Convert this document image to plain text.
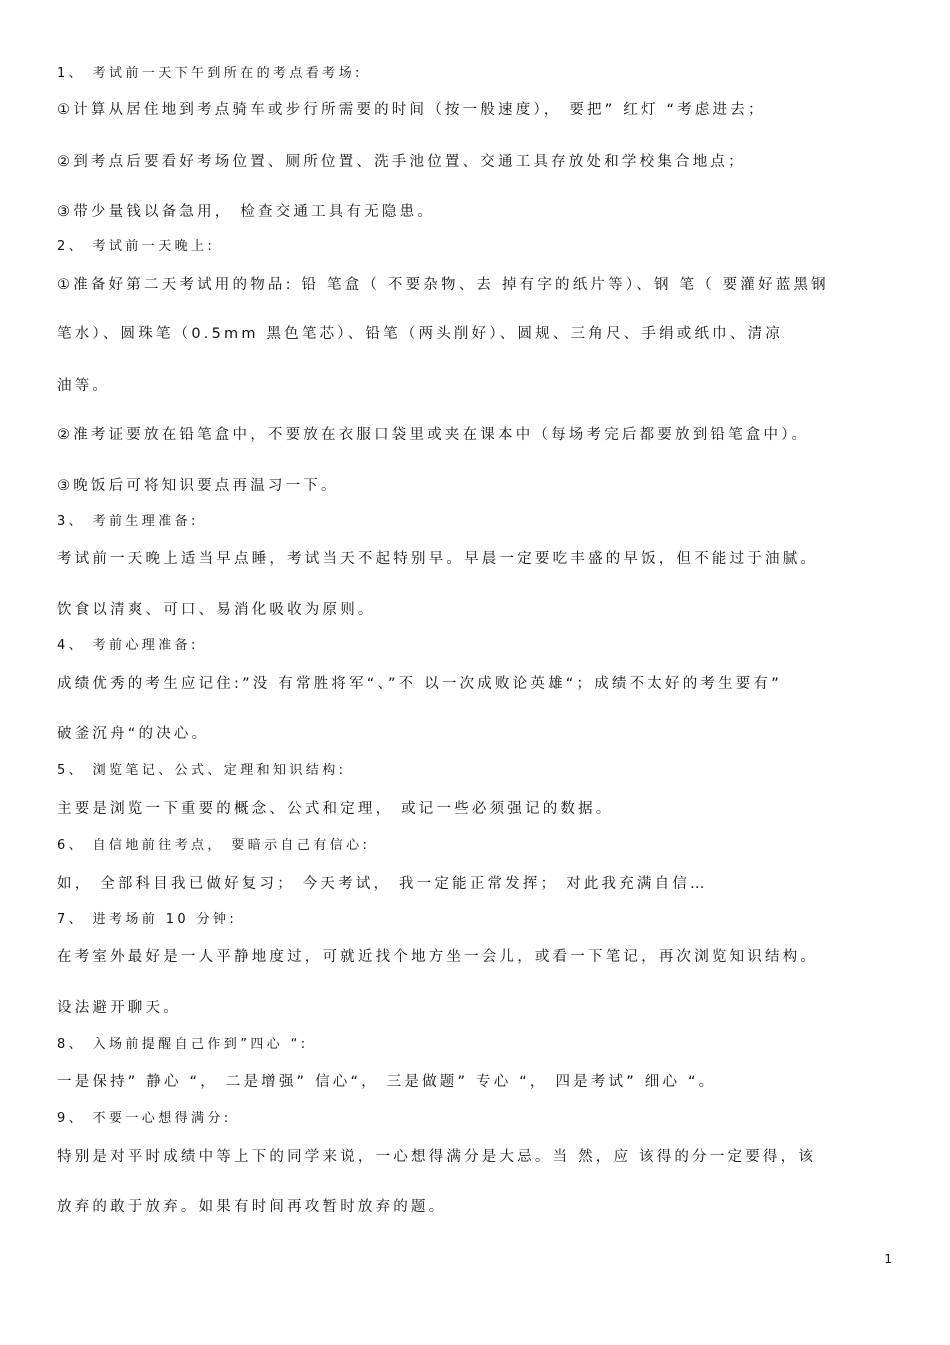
1、 考试前一天下午到所在的考点看考场:
①计算从居住地到考点骑车或步行所需要的时间（按一般速度）， 要把” 红灯 “考虑进去；
②到考点后要看好考场位置、厕所位置、洗手池位置、交通工具存放处和学校集合地点；
③带少量钱以备急用， 检查交通工具有无隐患。
2、 考试前一天晚上:
①准备好第二天考试用的物品: 铅 笔盒（ 不要杂物、去 掉有字的纸片等）、钢 笔（ 要灌好蓝黑钢
笔水）、圆珠笔（0.5mm 黑色笔芯）、铅笔（两头削好）、圆规、三角尺、手绢或纸巾、清凉
油等。
②准考证要放在铅笔盒中，不要放在衣服口袋里或夹在课本中（每场考完后都要放到铅笔盒中）。
③晚饭后可将知识要点再温习一下。
3、 考前生理准备:
考试前一天晚上适当早点睡，考试当天不起特别早。早晨一定要吃丰盛的早饭，但不能过于油腻。
饮食以清爽、可口、易消化吸收为原则。
4、 考前心理准备:
成绩优秀的考生应记住:”没 有常胜将军“、”不 以一次成败论英雄“；成绩不太好的考生要有”
破釜沉舟“的决心。
5、 浏览笔记、公式、定理和知识结构:
主要是浏览一下重要的概念、公式和定理， 或记一些必须强记的数据。
6、 自信地前往考点， 要暗示自己有信心:
如， 全部科目我已做好复习； 今天考试， 我一定能正常发挥； 对此我充满自信…
7、 进考场前 10 分钟:
在考室外最好是一人平静地度过，可就近找个地方坐一会儿，或看一下笔记，再次浏览知识结构。
设法避开聊天。
8、 入场前提醒自己作到”四心 “:
一是保持” 静心 “， 二是增强” 信心“， 三是做题” 专心 “， 四是考试” 细心 “。
9、 不要一心想得满分:
特别是对平时成绩中等上下的同学来说，一心想得满分是大忌。当 然，应 该得的分一定要得，该
放弃的敢于放弃。如果有时间再攻暂时放弃的题。
1
